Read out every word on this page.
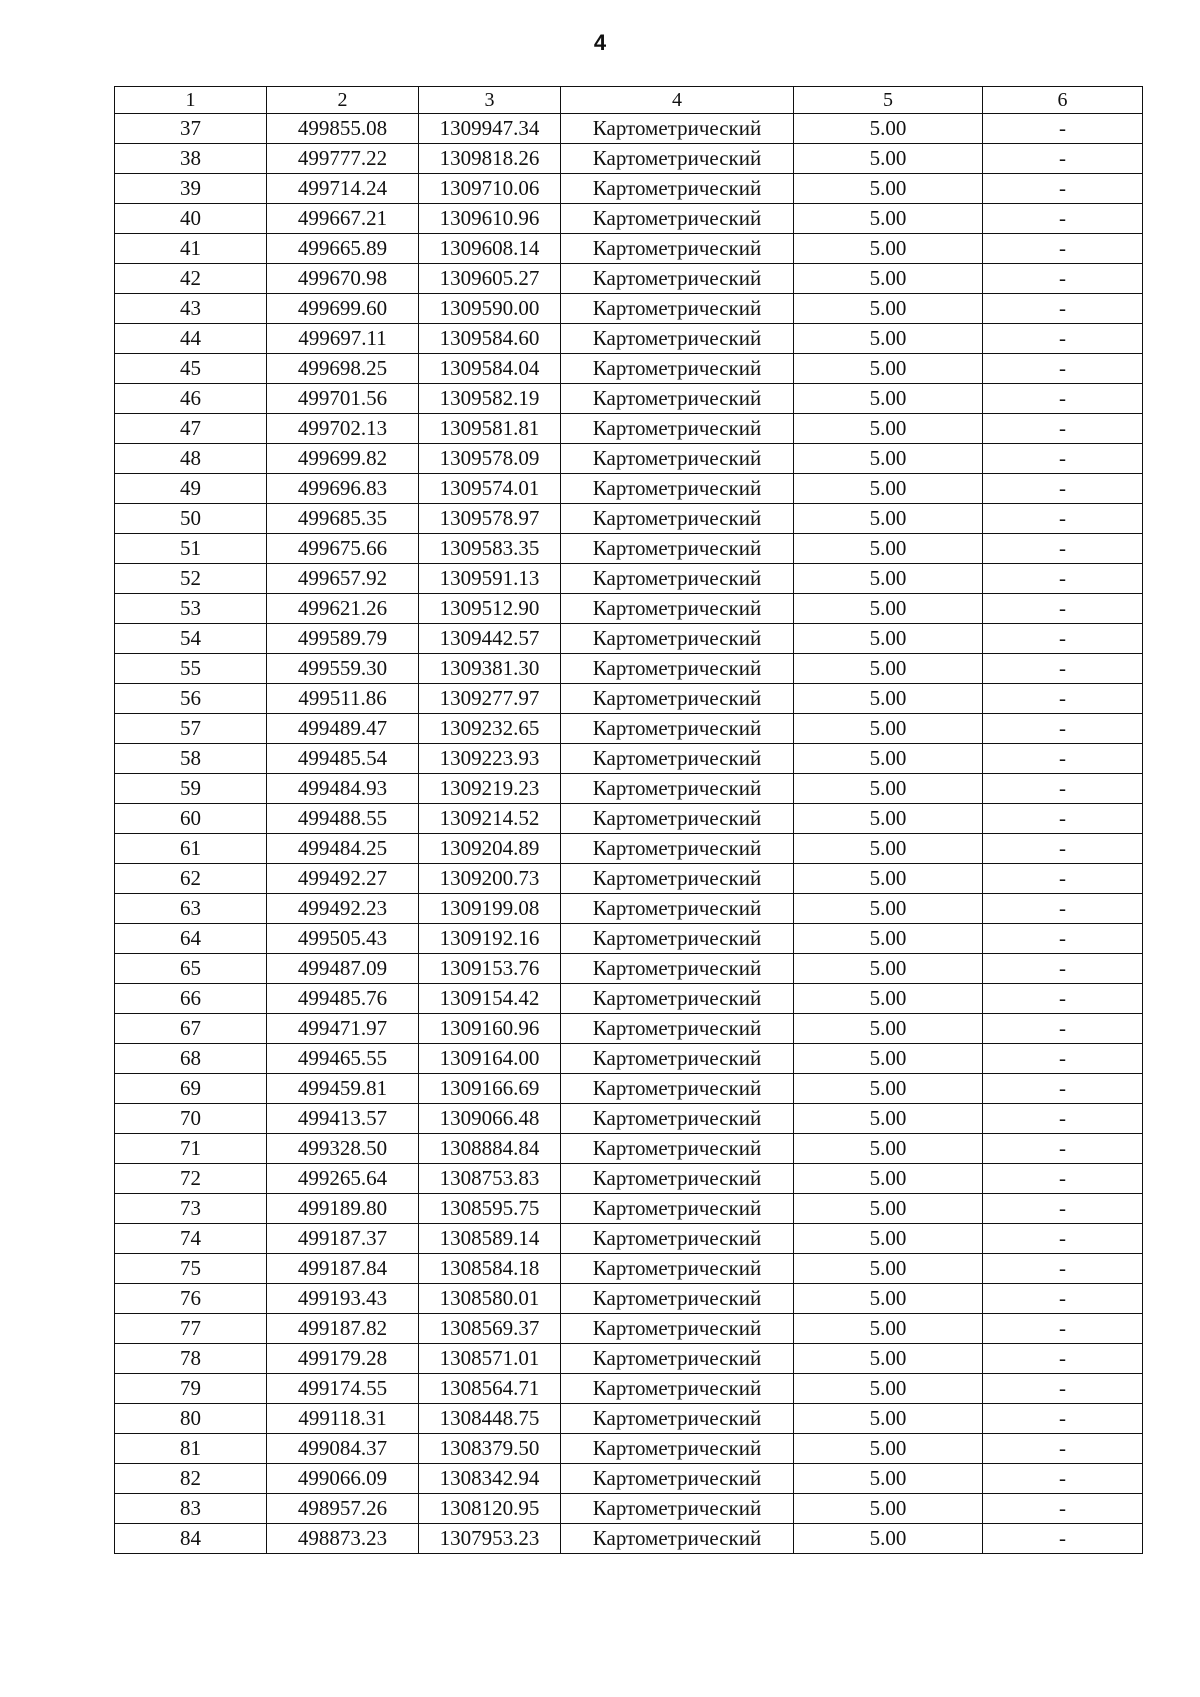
4
1	2	3	4	5	6
37	499855.08	1309947.34	Картометрический	5.00	-
38	499777.22	1309818.26	Картометрический	5.00	-
39	499714.24	1309710.06	Картометрический	5.00	-
40	499667.21	1309610.96	Картометрический	5.00	-
41	499665.89	1309608.14	Картометрический	5.00	-
42	499670.98	1309605.27	Картометрический	5.00	-
43	499699.60	1309590.00	Картометрический	5.00	-
44	499697.11	1309584.60	Картометрический	5.00	-
45	499698.25	1309584.04	Картометрический	5.00	-
46	499701.56	1309582.19	Картометрический	5.00	-
47	499702.13	1309581.81	Картометрический	5.00	-
48	499699.82	1309578.09	Картометрический	5.00	-
49	499696.83	1309574.01	Картометрический	5.00	-
50	499685.35	1309578.97	Картометрический	5.00	-
51	499675.66	1309583.35	Картометрический	5.00	-
52	499657.92	1309591.13	Картометрический	5.00	-
53	499621.26	1309512.90	Картометрический	5.00	-
54	499589.79	1309442.57	Картометрический	5.00	-
55	499559.30	1309381.30	Картометрический	5.00	-
56	499511.86	1309277.97	Картометрический	5.00	-
57	499489.47	1309232.65	Картометрический	5.00	-
58	499485.54	1309223.93	Картометрический	5.00	-
59	499484.93	1309219.23	Картометрический	5.00	-
60	499488.55	1309214.52	Картометрический	5.00	-
61	499484.25	1309204.89	Картометрический	5.00	-
62	499492.27	1309200.73	Картометрический	5.00	-
63	499492.23	1309199.08	Картометрический	5.00	-
64	499505.43	1309192.16	Картометрический	5.00	-
65	499487.09	1309153.76	Картометрический	5.00	-
66	499485.76	1309154.42	Картометрический	5.00	-
67	499471.97	1309160.96	Картометрический	5.00	-
68	499465.55	1309164.00	Картометрический	5.00	-
69	499459.81	1309166.69	Картометрический	5.00	-
70	499413.57	1309066.48	Картометрический	5.00	-
71	499328.50	1308884.84	Картометрический	5.00	-
72	499265.64	1308753.83	Картометрический	5.00	-
73	499189.80	1308595.75	Картометрический	5.00	-
74	499187.37	1308589.14	Картометрический	5.00	-
75	499187.84	1308584.18	Картометрический	5.00	-
76	499193.43	1308580.01	Картометрический	5.00	-
77	499187.82	1308569.37	Картометрический	5.00	-
78	499179.28	1308571.01	Картометрический	5.00	-
79	499174.55	1308564.71	Картометрический	5.00	-
80	499118.31	1308448.75	Картометрический	5.00	-
81	499084.37	1308379.50	Картометрический	5.00	-
82	499066.09	1308342.94	Картометрический	5.00	-
83	498957.26	1308120.95	Картометрический	5.00	-
84	498873.23	1307953.23	Картометрический	5.00	-
